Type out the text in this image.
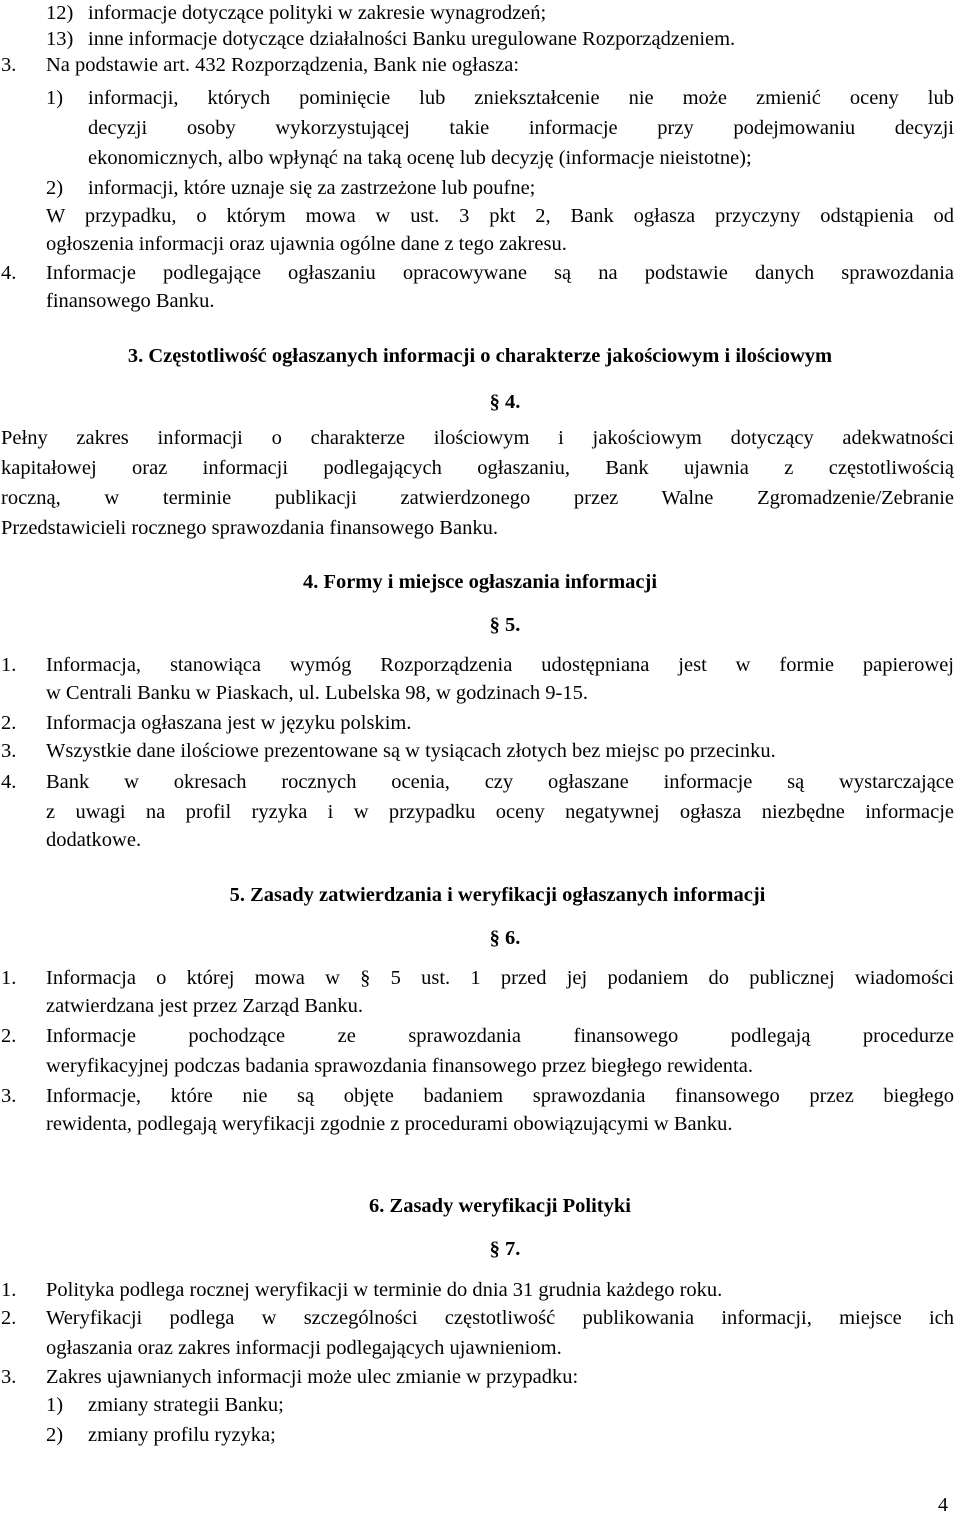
12) informacje dotyczące polityki w zakresie wynagrodzeń;
13) inne informacje dotyczące działalności Banku uregulowane Rozporządzeniem.
3. Na podstawie art. 432 Rozporządzenia, Bank nie ogłasza:
1) informacji, których pominięcie lub zniekształcenie nie może zmienić oceny lub
decyzji osoby wykorzystującej takie informacje przy podejmowaniu decyzji
ekonomicznych, albo wpłynąć na taką ocenę lub decyzję (informacje nieistotne);
2) informacji, które uznaje się za zastrzeżone lub poufne;
W przypadku, o którym mowa w ust. 3 pkt 2, Bank ogłasza przyczyny odstąpienia od
ogłoszenia informacji oraz ujawnia ogólne dane z tego zakresu.
4. Informacje podlegające ogłaszaniu opracowywane są na podstawie danych sprawozdania
finansowego Banku.
3. Częstotliwość ogłaszanych informacji o charakterze jakościowym i ilościowym
§ 4.
Pełny zakres informacji o charakterze ilościowym i jakościowym dotyczący adekwatności
kapitałowej oraz informacji podlegających ogłaszaniu, Bank ujawnia z częstotliwością
roczną, w terminie publikacji zatwierdzonego przez Walne Zgromadzenie/Zebranie
Przedstawicieli rocznego sprawozdania finansowego Banku.
4. Formy i miejsce ogłaszania informacji
§ 5.
1. Informacja, stanowiąca wymóg Rozporządzenia udostępniana jest w formie papierowej
w Centrali Banku w Piaskach, ul. Lubelska 98, w godzinach 9-15.
2. Informacja ogłaszana jest w języku polskim.
3. Wszystkie dane ilościowe prezentowane są w tysiącach złotych bez miejsc po przecinku.
4. Bank w okresach rocznych ocenia, czy ogłaszane informacje są wystarczające
z uwagi na profil ryzyka i w przypadku oceny negatywnej ogłasza niezbędne informacje
dodatkowe.
5. Zasady zatwierdzania i weryfikacji ogłaszanych informacji
§ 6.
1. Informacja o której mowa w § 5 ust. 1 przed jej podaniem do publicznej wiadomości
zatwierdzana jest przez Zarząd Banku.
2. Informacje pochodzące ze sprawozdania finansowego podlegają procedurze
weryfikacyjnej podczas badania sprawozdania finansowego przez biegłego rewidenta.
3. Informacje, które nie są objęte badaniem sprawozdania finansowego przez biegłego
rewidenta, podlegają weryfikacji zgodnie z procedurami obowiązującymi w Banku.
6. Zasady weryfikacji Polityki
§ 7.
1. Polityka podlega rocznej weryfikacji w terminie do dnia 31 grudnia każdego roku.
2. Weryfikacji podlega w szczególności częstotliwość publikowania informacji, miejsce ich
ogłaszania oraz zakres informacji podlegających ujawnieniom.
3. Zakres ujawnianych informacji może ulec zmianie w przypadku:
1) zmiany strategii Banku;
2) zmiany profilu ryzyka;
4
